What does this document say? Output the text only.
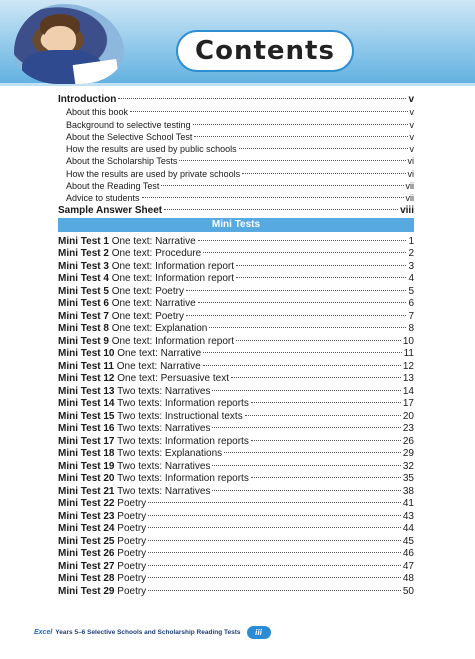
Contents
Introduction	v
About this book	v
Background to selective testing	v
About the Selective School Test	v
How the results are used by public schools	v
About the Scholarship Tests	vi
How the results are used by private schools	vi
About the Reading Test	vii
Advice to students	vii
Sample Answer Sheet	viii
Mini Tests
Mini Test 1 One text: Narrative	1
Mini Test 2 One text: Procedure	2
Mini Test 3 One text: Information report	3
Mini Test 4 One text: Information report	4
Mini Test 5 One text: Poetry	5
Mini Test 6 One text: Narrative	6
Mini Test 7 One text: Poetry	7
Mini Test 8 One text: Explanation	8
Mini Test 9 One text: Information report	10
Mini Test 10 One text: Narrative	11
Mini Test 11 One text: Narrative	12
Mini Test 12 One text: Persuasive text	13
Mini Test 13 Two texts: Narratives	14
Mini Test 14 Two texts: Information reports	17
Mini Test 15 Two texts: Instructional texts	20
Mini Test 16 Two texts: Narratives	23
Mini Test 17 Two texts: Information reports	26
Mini Test 18 Two texts: Explanations	29
Mini Test 19 Two texts: Narratives	32
Mini Test 20 Two texts: Information reports	35
Mini Test 21 Two texts: Narratives	38
Mini Test 22 Poetry	41
Mini Test 23 Poetry	43
Mini Test 24 Poetry	44
Mini Test 25 Poetry	45
Mini Test 26 Poetry	46
Mini Test 27 Poetry	47
Mini Test 28 Poetry	48
Mini Test 29 Poetry	50
Excel Years 5–6 Selective Schools and Scholarship Reading Tests	iii
